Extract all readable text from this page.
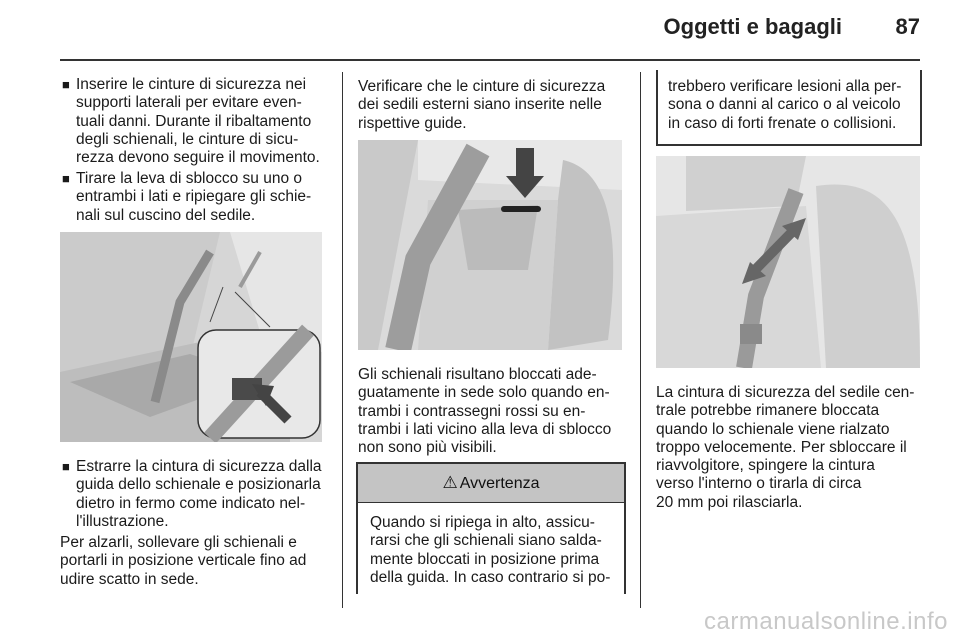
Oggetti e bagagli 87
■ Inserire le cinture di sicurezza nei
supporti laterali per evitare even-
tuali danni. Durante il ribaltamento
degli schienali, le cinture di sicu-
rezza devono seguire il movimento.
■ Tirare la leva di sblocco su uno o
entrambi i lati e ripiegare gli schie-
nali sul cuscino del sedile.
■ Estrarre la cintura di sicurezza dalla
guida dello schienale e posizionarla
dietro in fermo come indicato nel-
l'illustrazione.
Per alzarli, sollevare gli schienali e
portarli in posizione verticale fino ad
udire scatto in sede.
Verificare che le cinture di sicurezza
dei sedili esterni siano inserite nelle
rispettive guide.
Gli schienali risultano bloccati ade-
guatamente in sede solo quando en-
trambi i contrassegni rossi su en-
trambi i lati vicino alla leva di sblocco
non sono più visibili.
⚠ Avvertenza
Quando si ripiega in alto, assicu-
rarsi che gli schienali siano salda-
mente bloccati in posizione prima
della guida. In caso contrario si po-
trebbero verificare lesioni alla per-
sona o danni al carico o al veicolo
in caso di forti frenate o collisioni.
La cintura di sicurezza del sedile cen-
trale potrebbe rimanere bloccata
quando lo schienale viene rialzato
troppo velocemente. Per sbloccare il
riavvolgitore, spingere la cintura
verso l'interno o tirarla di circa
20 mm poi rilasciarla.
carmanualsonline.info
